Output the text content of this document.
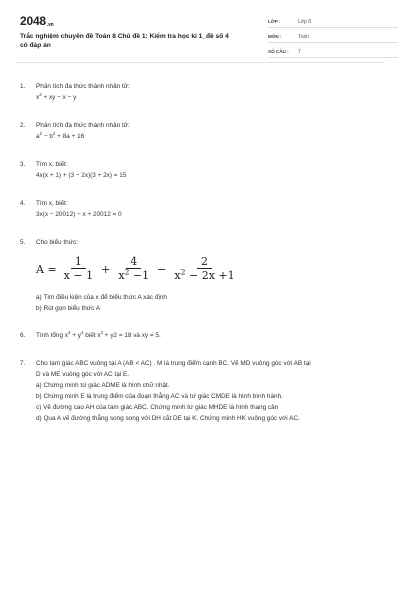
$2048_{.vn}$
Trắc nghiệm chuyên đề Toán 8 Chủ đề 1: Kiểm tra học kì 1_đề số 4 có đáp án
LỚP :	Lớp 8
MÔN :	Toán
SỐ CÂU :	7
1. Phân tích đa thức thành nhân tử:
$x^2$ + xy − x − y
2. Phân tích đa thức thành nhân tử:
$a^2 - b^2 + 8a + 16$
3. Tìm x, biết:
4x(x + 1) + (3 − 2x)(3 + 2x) = 15
4. Tìm x, biết:
3x(x − 20012) − x + 20012 = 0
5. Cho biểu thức:
$A = \frac{1}{x - 1} + \frac{4}{x^2 -1} - \frac{2}{x^2 - 2x +1}$
a) Tìm điều kiện của x để biểu thức A xác định
b) Rút gọn biểu thức A
6. Tính tổng $x^4 + y^4$ biết $x^2 + y2 = 18$ và xy = 5.
7. Cho tam giác ABC vuông tại A (AB < AC) . M là trung điểm cạnh BC. Vẽ MD vuông góc với AB tại
D và ME vuông góc với AC tại E.
a) Chứng minh tứ giác ADME là hình chữ nhật.
b) Chứng minh E là trung điểm của đoạn thẳng AC và tứ giác CMDE là hình bình hành.
c) Vẽ đường cao AH của tam giác ABC. Chứng minh tứ giác MHDE là hình thang cân
d) Qua A vẽ đường thẳng song song với DH cắt DE tại K. Chứng minh HK vuông góc với AC.
